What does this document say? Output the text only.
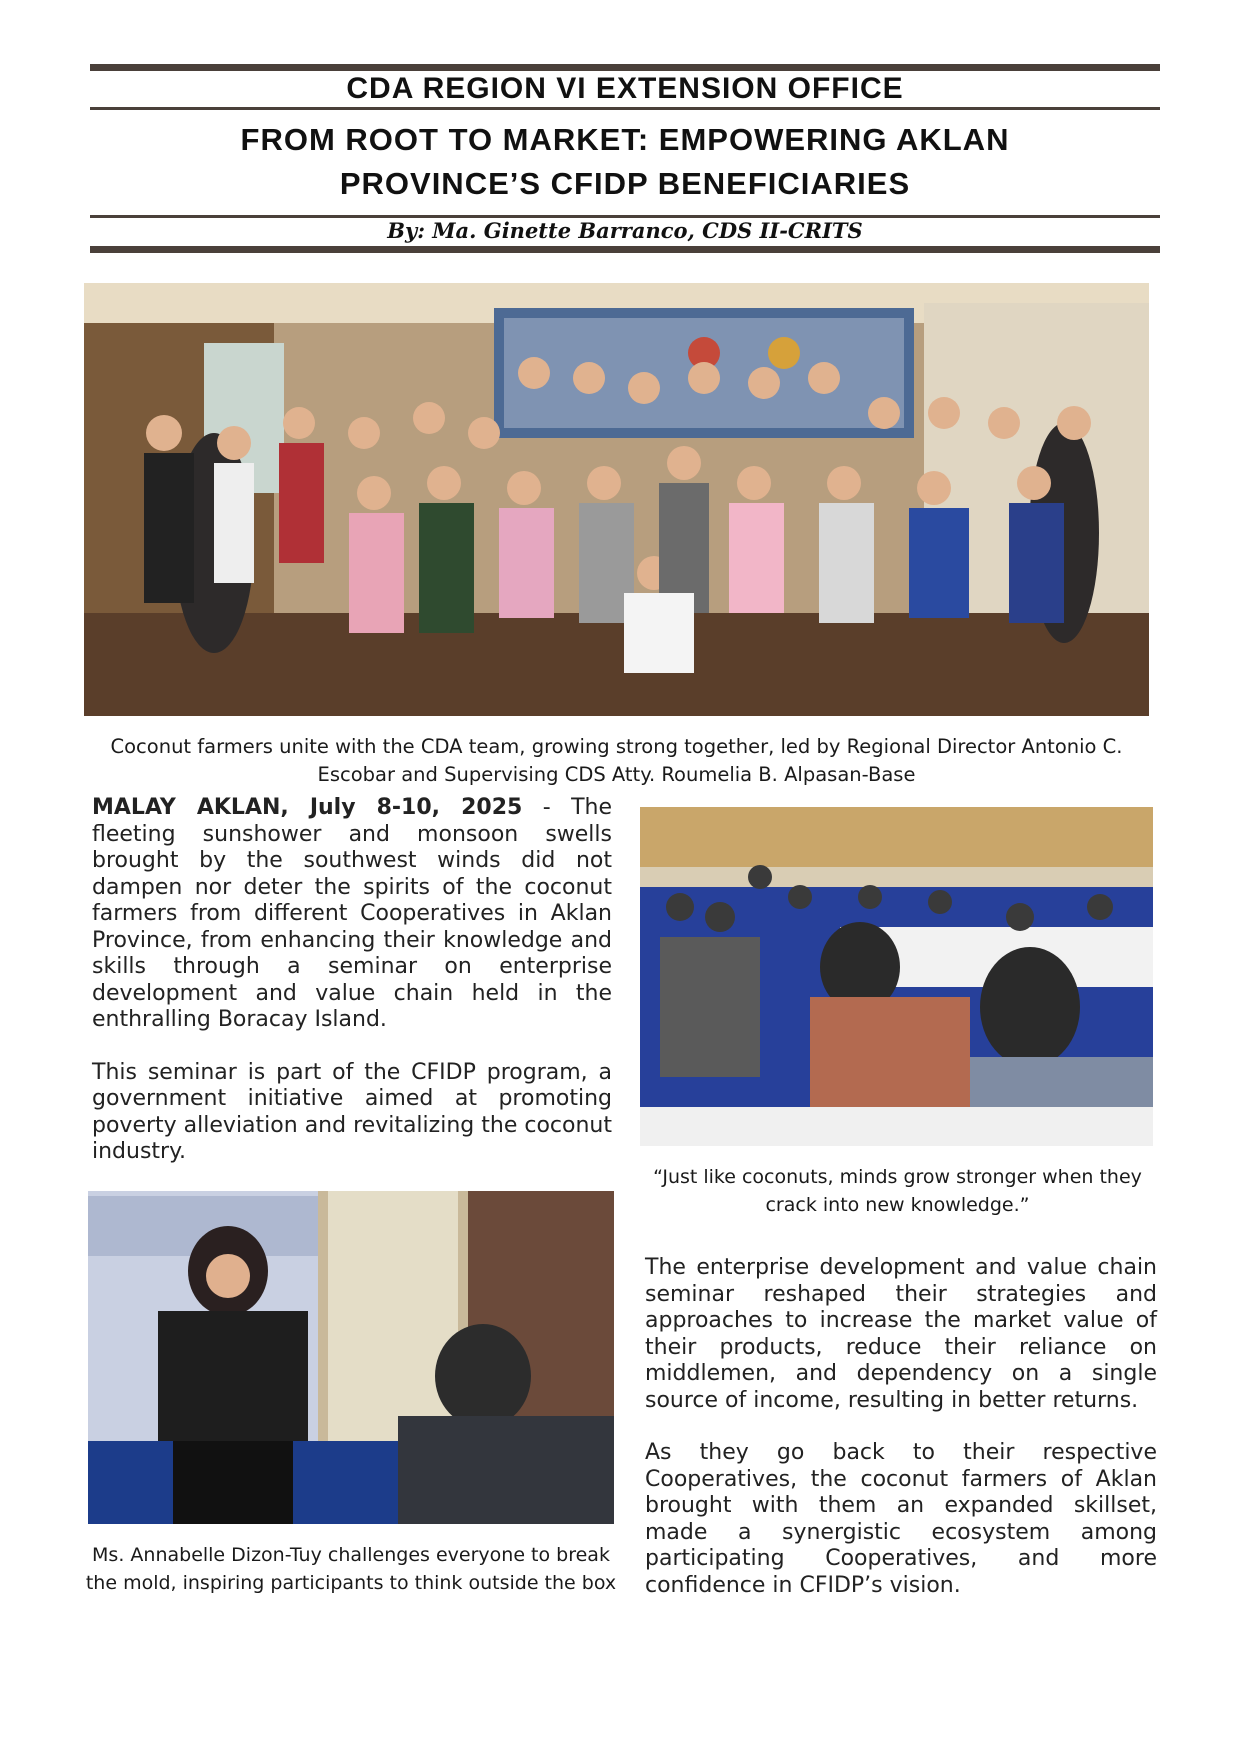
CDA REGION VI EXTENSION OFFICE
FROM ROOT TO MARKET: EMPOWERING AKLAN
PROVINCE’S CFIDP BENEFICIARIES
By: Ma. Ginette Barranco, CDS II-CRITS
Coconut farmers unite with the CDA team, growing strong together, led by Regional Director Antonio C. Escobar and Supervising CDS Atty. Roumelia B. Alpasan-Base

MALAY AKLAN, July 8-10, 2025 - The fleeting sunshower and monsoon swells brought by the southwest winds did not dampen nor deter the spirits of the coconut farmers from different Cooperatives in Aklan Province, from enhancing their knowledge and skills through a seminar on enterprise development and value chain held in the enthralling Boracay Island.

This seminar is part of the CFIDP program, a government initiative aimed at promoting poverty alleviation and revitalizing the coconut industry.

“Just like coconuts, minds grow stronger when they crack into new knowledge.”
Ms. Annabelle Dizon-Tuy challenges everyone to break the mold, inspiring participants to think outside the box

The enterprise development and value chain seminar reshaped their strategies and approaches to increase the market value of their products, reduce their reliance on middlemen, and dependency on a single source of income, resulting in better returns.

As they go back to their respective Cooperatives, the coconut farmers of Aklan brought with them an expanded skillset, made a synergistic ecosystem among participating Cooperatives, and more confidence in CFIDP’s vision.
